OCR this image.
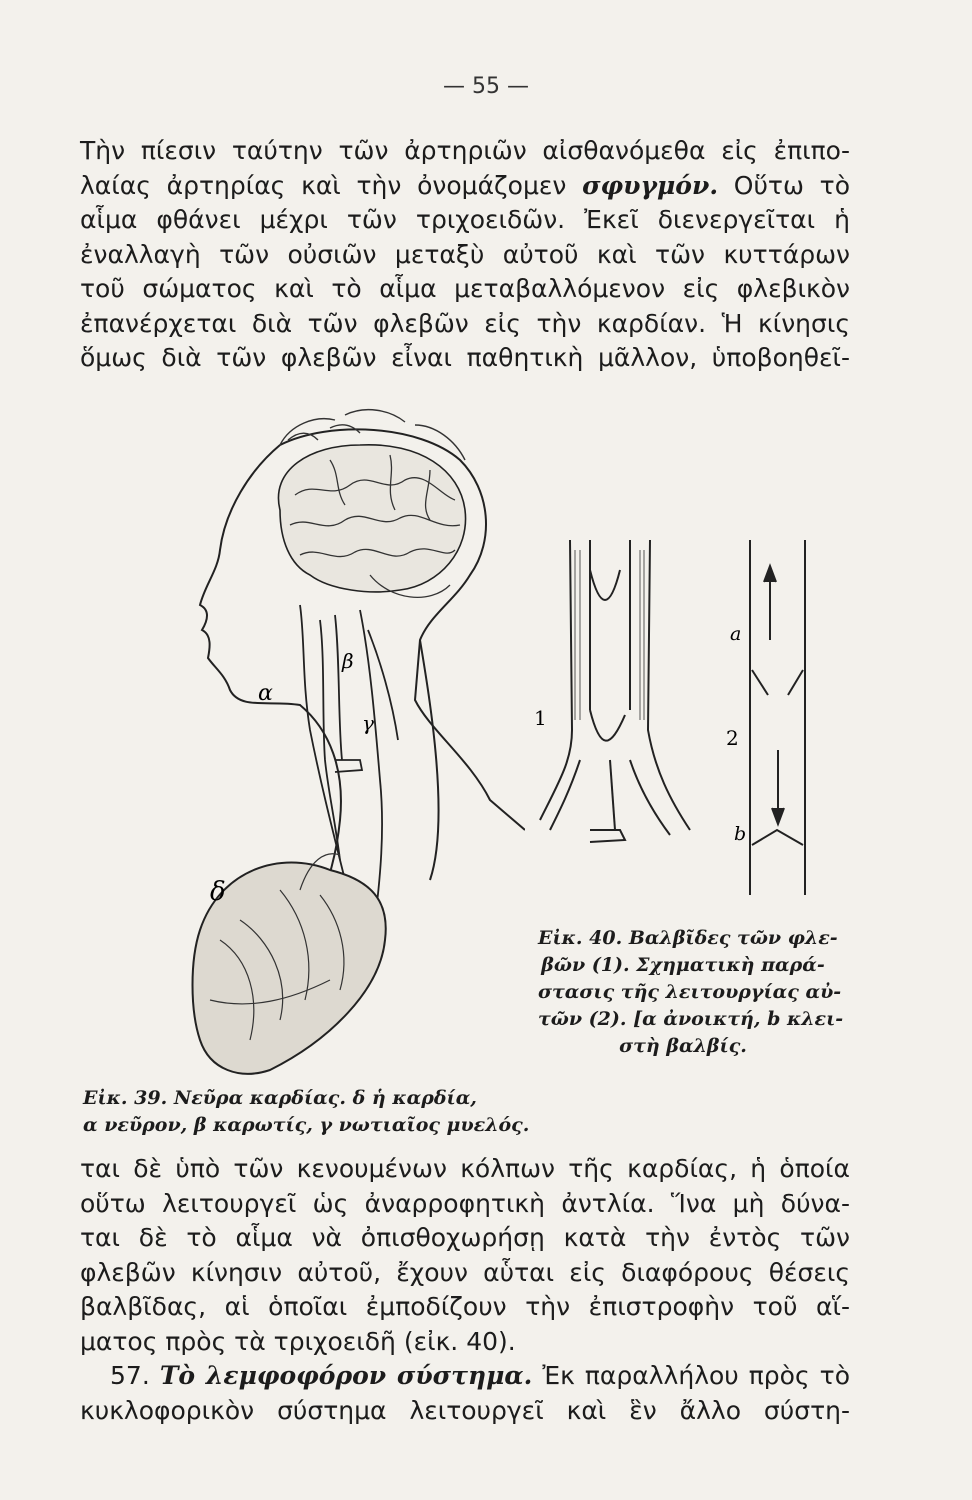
— 55 —
Τὴν πίεσιν ταύτην τῶν ἀρτηριῶν αἰσθανόμεθα εἰς ἐπιπο-
λαίας ἀρτηρίας καὶ τὴν ὀνομάζομεν σφυγμόν. Οὕτω τὸ
αἷμα φθάνει μέχρι τῶν τριχοειδῶν. Ἐκεῖ διενεργεῖται ἡ
ἐναλλαγὴ τῶν οὐσιῶν μεταξὺ αὐτοῦ καὶ τῶν κυττάρων
τοῦ σώματος καὶ τὸ αἷμα μεταβαλλόμενον εἰς φλεβικὸν
ἐπανέρχεται διὰ τῶν φλεβῶν εἰς τὴν καρδίαν. Ἡ κίνησις
ὅμως διὰ τῶν φλεβῶν εἶναι παθητικὴ μᾶλλον, ὑποβοηθεῖ-
α
β
γ
δ
1
2
a
b
Εἰκ. 40. Βαλβῖδες τῶν φλε-
βῶν (1). Σχηματικὴ παρά-
στασις τῆς λειτουργίας αὐ-
τῶν (2). [α ἀνοικτή, b κλει-
στὴ βαλβίς.
Εἰκ. 39. Νεῦρα καρδίας. δ ἡ καρδία,
α νεῦρον, β καρωτίς, γ νωτιαῖος μυελός.
ται δὲ ὑπὸ τῶν κενουμένων κόλπων τῆς καρδίας, ἡ ὁποία
οὕτω λειτουργεῖ ὡς ἀναρροφητικὴ ἀντλία. Ἵνα μὴ δύνα-
ται δὲ τὸ αἷμα νὰ ὀπισθοχωρήσῃ κατὰ τὴν ἐντὸς τῶν
φλεβῶν κίνησιν αὐτοῦ, ἔχουν αὗται εἰς διαφόρους θέσεις
βαλβῖδας, αἱ ὁποῖαι ἐμποδίζουν τὴν ἐπιστροφὴν τοῦ αἵ-
ματος πρὸς τὰ τριχοειδῆ (εἰκ. 40).
57. Τὸ λεμφοφόρον σύστημα. Ἐκ παραλλήλου πρὸς τὸ
κυκλοφορικὸν σύστημα λειτουργεῖ καὶ ἓν ἄλλο σύστη-
